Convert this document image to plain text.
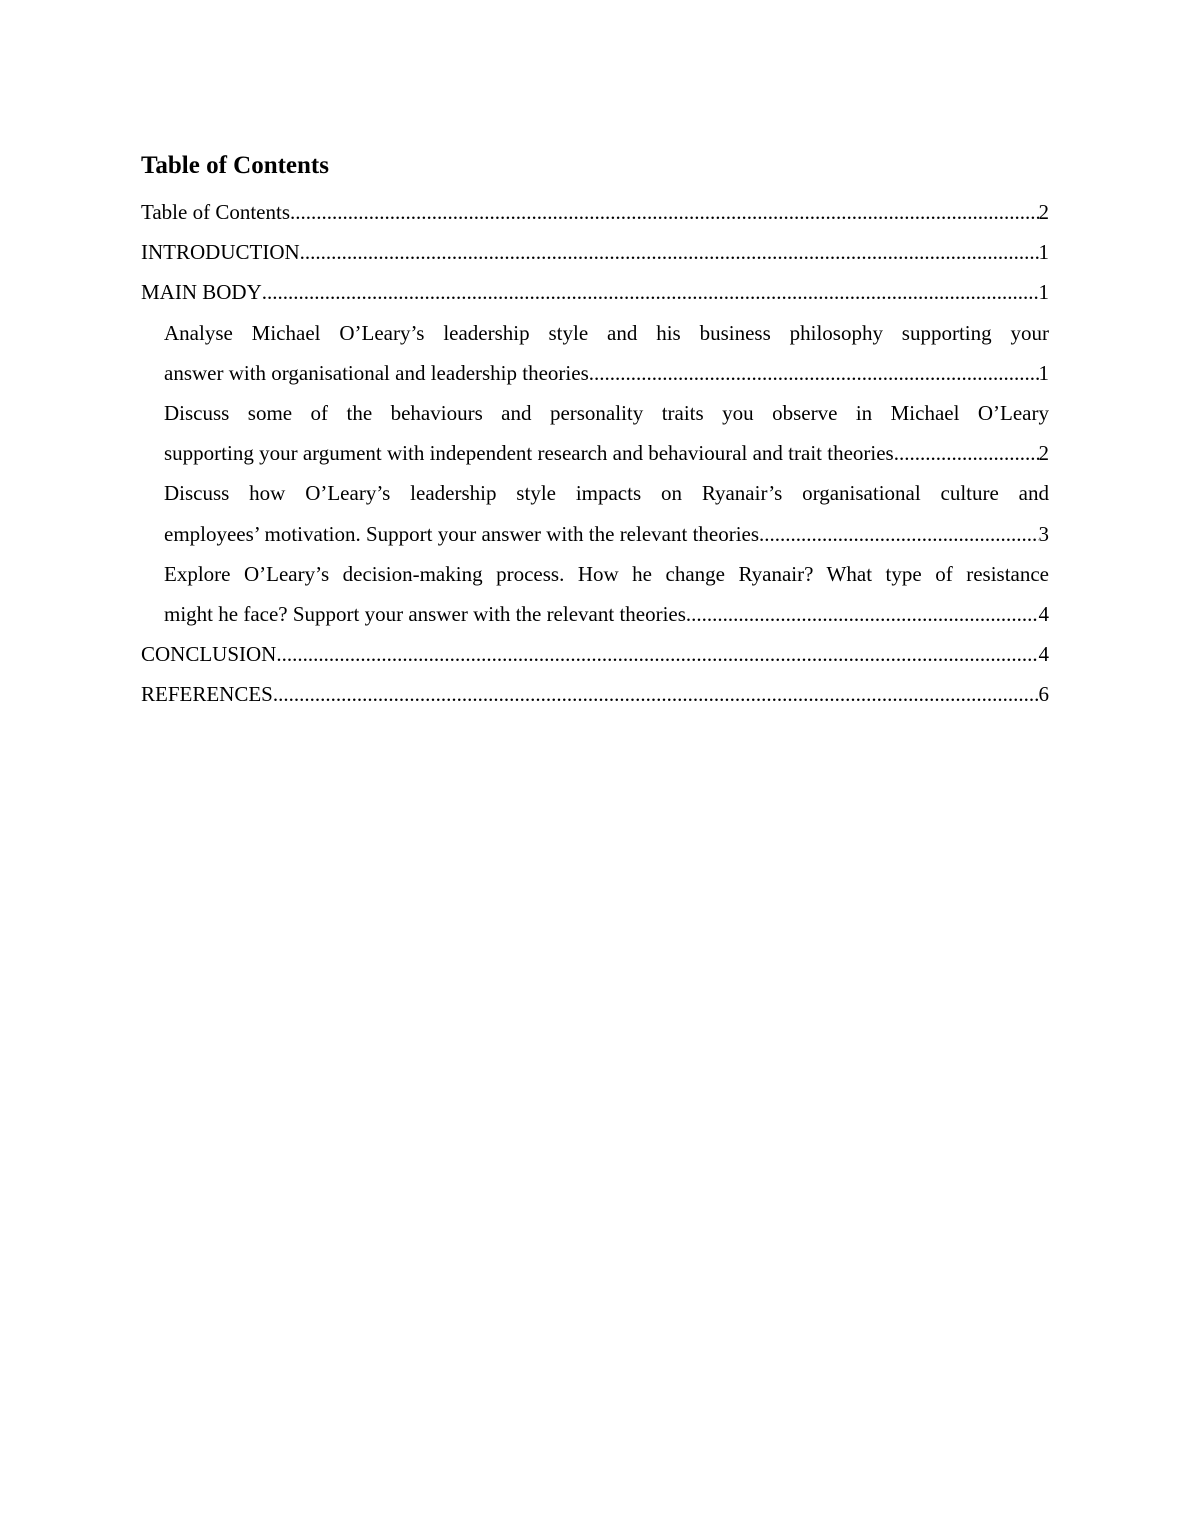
Table of Contents
Table of Contents .....	2
INTRODUCTION .....	1
MAIN BODY .....	1
Analyse Michael O’Leary’s leadership style and his business philosophy supporting your
answer with organisational and leadership theories .....	1
Discuss some of the behaviours and personality traits you observe in Michael O’Leary
supporting your argument with independent research and behavioural and trait theories .....	2
Discuss how O’Leary’s leadership style impacts on Ryanair’s organisational culture and
employees’ motivation. Support your answer with the relevant theories .....	3
Explore O’Leary’s decision-making process. How he change Ryanair? What type of resistance
might he face? Support your answer with the relevant theories .....	4
CONCLUSION .....	4
REFERENCES .....	6
